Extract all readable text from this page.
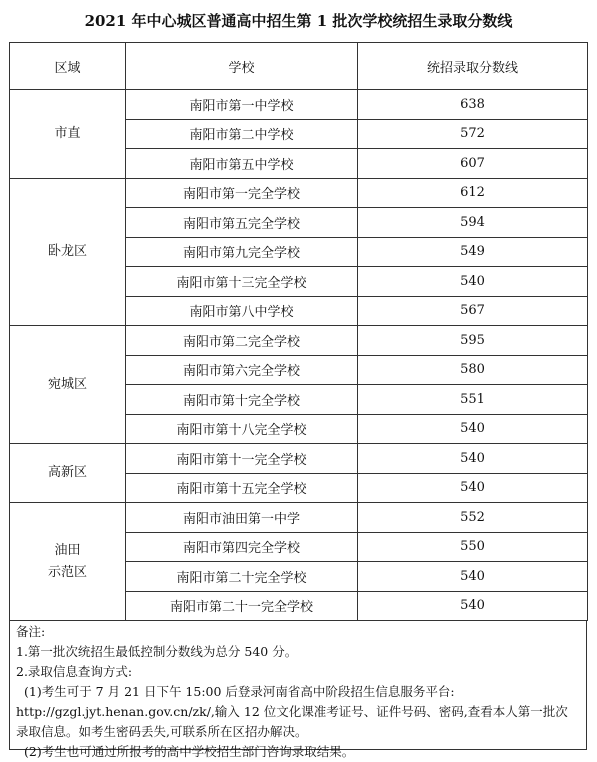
2021 年中心城区普通高中招生第 1 批次学校统招生录取分数线
区域	学校	统招录取分数线
市直	南阳市第一中学校	638
	南阳市第二中学校	572
	南阳市第五中学校	607
卧龙区	南阳市第一完全学校	612
	南阳市第五完全学校	594
	南阳市第九完全学校	549
	南阳市第十三完全学校	540
	南阳市第八中学校	567
宛城区	南阳市第二完全学校	595
	南阳市第六完全学校	580
	南阳市第十完全学校	551
	南阳市第十八完全学校	540
高新区	南阳市第十一完全学校	540
	南阳市第十五完全学校	540
油田
示范区	南阳市油田第一中学	552
	南阳市第四完全学校	550
	南阳市第二十完全学校	540
	南阳市第二十一完全学校	540

备注:

1.第一批次统招生最低控制分数线为总分 540 分。

2.录取信息查询方式:

(1)考生可于 7 月 21 日下午 15:00 后登录河南省高中阶段招生信息服务平台:

http://gzgl.jyt.henan.gov.cn/zk/,输入 12 位文化课准考证号、证件号码、密码,查看本人第一批次录取信息。如考生密码丢失,可联系所在区招办解决。

(2)考生也可通过所报考的高中学校招生部门咨询录取结果。
